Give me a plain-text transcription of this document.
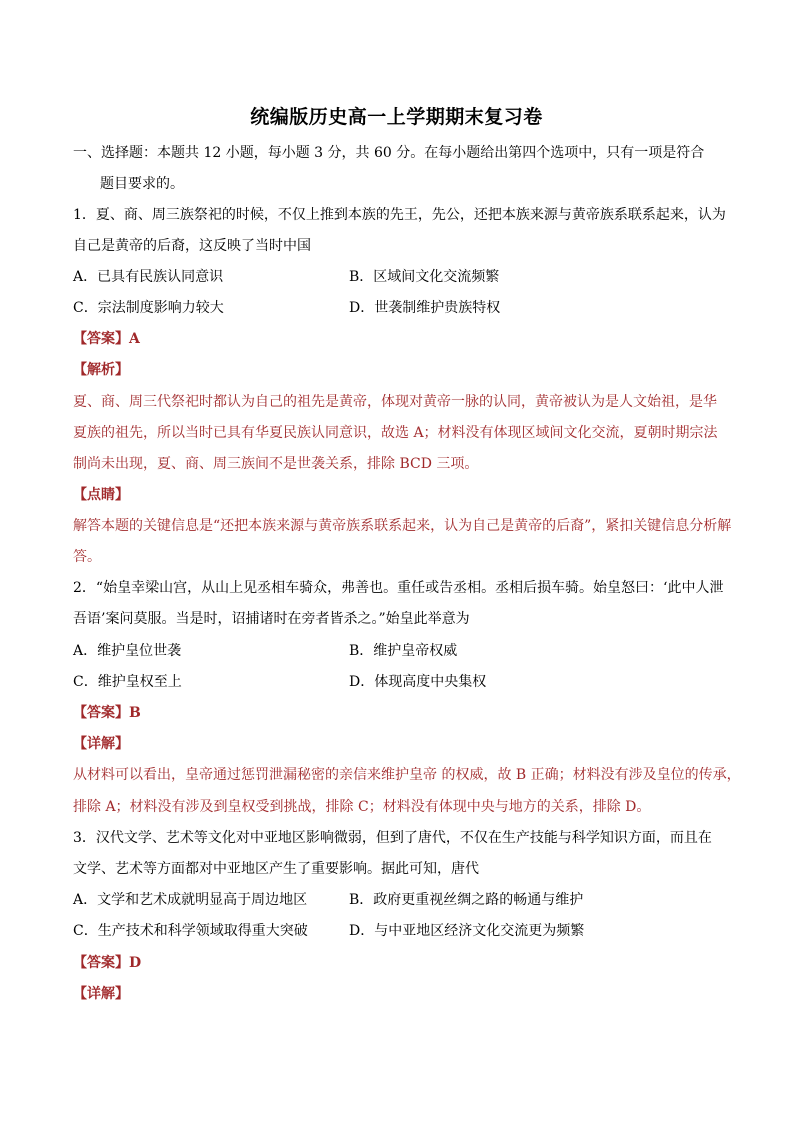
统编版历史高一上学期期末复习卷
一、选择题：本题共 12 小题，每小题 3 分，共 60 分。在每小题给出第四个选项中，只有一项是符合
题目要求的。
1．夏、商、周三族祭祀的时候，不仅上推到本族的先王，先公，还把本族来源与黄帝族系联系起来，认为
自己是黄帝的后裔，这反映了当时中国
A．已具有民族认同意识	B．区域间文化交流频繁
C．宗法制度影响力较大	D．世袭制维护贵族特权
【答案】A
【解析】
夏、商、周三代祭祀时都认为自己的祖先是黄帝，体现对黄帝一脉的认同，黄帝被认为是人文始祖，是华
夏族的祖先，所以当时已具有华夏民族认同意识，故选 A；材料没有体现区域间文化交流，夏朝时期宗法
制尚未出现，夏、商、周三族间不是世袭关系，排除 BCD 三项。
【点睛】
解答本题的关键信息是“还把本族来源与黄帝族系联系起来，认为自己是黄帝的后裔”，紧扣关键信息分析解
答。
2．“始皇幸梁山宫，从山上见丞相车骑众，弗善也。重任或告丞相。丞相后损车骑。始皇怒曰：‘此中人泄
吾语’案问莫服。当是时，诏捕诸时在旁者皆杀之。”始皇此举意为
A．维护皇位世袭	B．维护皇帝权威
C．维护皇权至上	D．体现高度中央集权
【答案】B
【详解】
从材料可以看出，皇帝通过惩罚泄漏秘密的亲信来维护皇帝 的权威，故 B 正确；材料没有涉及皇位的传承，
排除 A；材料没有涉及到皇权受到挑战，排除 C；材料没有体现中央与地方的关系，排除 D。
3．汉代文学、艺术等文化对中亚地区影响微弱，但到了唐代，不仅在生产技能与科学知识方面，而且在
文学、艺术等方面都对中亚地区产生了重要影响。据此可知，唐代
A．文学和艺术成就明显高于周边地区	B．政府更重视丝绸之路的畅通与维护
C．生产技术和科学领域取得重大突破	D．与中亚地区经济文化交流更为频繁
【答案】D
【详解】
